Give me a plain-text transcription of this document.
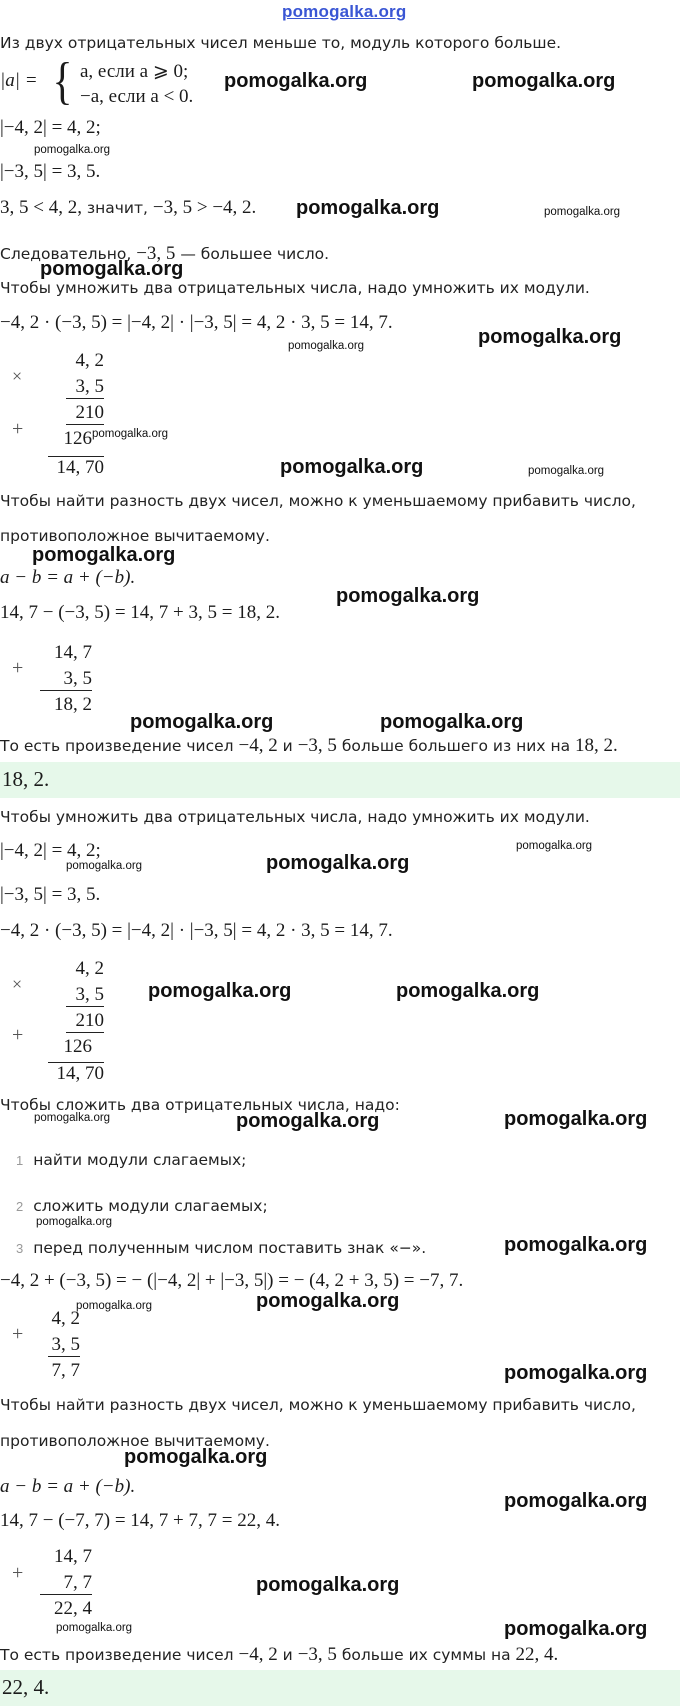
pomogalka.org
Из двух отрицательных чисел меньше то, модуль которого больше.
|a| = { a, если a ⩾ 0;
−a, если a < 0.
pomogalka.org	pomogalka.org
|−4, 2| = 4, 2;
pomogalka.org
|−3, 5| = 3, 5.
3, 5 < 4, 2, значит, −3, 5 > −4, 2. pomogalka.org	pomogalka.org
Следовательно, −3, 5 — большее число.
pomogalka.org
Чтобы умножить два отрицательных числа, надо умножить их модули.
−4, 2 · (−3, 5) = |−4, 2| · |−3, 5| = 4, 2 · 3, 5 = 14, 7.
pomogalka.org	pomogalka.org
×
+
4, 2
3, 5
210
126 pomogalka.org
14, 70	pomogalka.org	pomogalka.org
Чтобы найти разность двух чисел, можно к уменьшаемому прибавить число,
противоположное вычитаемому.
pomogalka.org
a − b = a + (−b).
14, 7 − (−3, 5) = 14, 7 + 3, 5 = 18, 2.
pomogalka.org
+
14, 7
3, 5
18, 2
pomogalka.org	pomogalka.org
То есть произведение чисел −4, 2 и −3, 5 больше большего из них на 18, 2.
18, 2.
Чтобы умножить два отрицательных числа, надо умножить их модули.
|−4, 2| = 4, 2;
pomogalka.org	pomogalka.org
pomogalka.org
|−3, 5| = 3, 5.
−4, 2 · (−3, 5) = |−4, 2| · |−3, 5| = 4, 2 · 3, 5 = 14, 7.
×
+
4, 2
3, 5
210
126
14, 70
pomogalka.org	pomogalka.org
Чтобы сложить два отрицательных числа, надо:
pomogalka.org	pomogalka.org	pomogalka.org
1 найти модули слагаемых;
2 сложить модули слагаемых;
pomogalka.org
3 перед полученным числом поставить знак «−».	pomogalka.org
−4, 2 + (−3, 5) = − (|−4, 2| + |−3, 5|) = − (4, 2 + 3, 5) = −7, 7.
pomogalka.org	pomogalka.org
+
4, 2
3, 5
7, 7	pomogalka.org
Чтобы найти разность двух чисел, можно к уменьшаемому прибавить число,
противоположное вычитаемому.
pomogalka.org
a − b = a + (−b).
14, 7 − (−7, 7) = 14, 7 + 7, 7 = 22, 4.
pomogalka.org
+
14, 7
7, 7
22, 4
pomogalka.org
pomogalka.org	pomogalka.org
То есть произведение чисел −4, 2 и −3, 5 больше их суммы на 22, 4.
22, 4.
